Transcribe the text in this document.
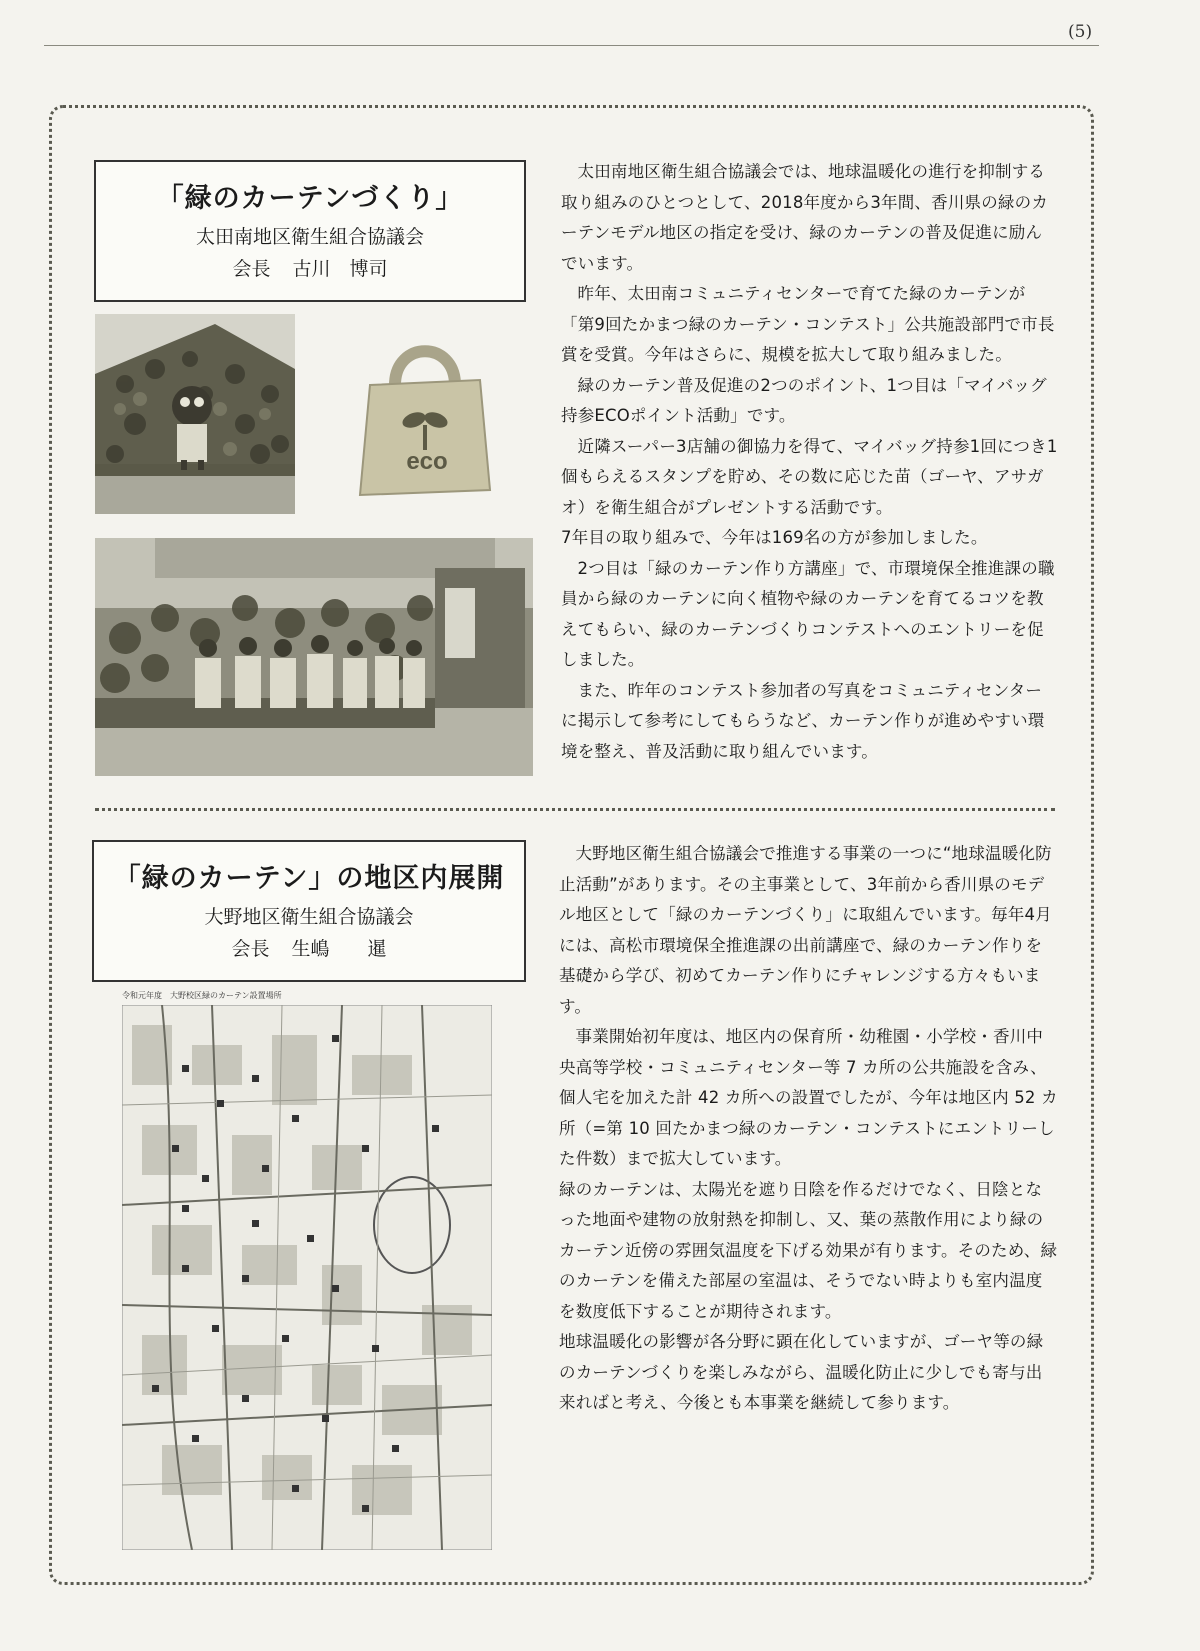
(5)
「緑のカーテンづくり」
太田南地区衛生組合協議会
会長 古川　博司
eco

太田南地区衛生組合協議会では、地球温暖化の進行を抑制する取り組みのひとつとして、2018年度から3年間、香川県の緑のカーテンモデル地区の指定を受け、緑のカーテンの普及促進に励んでいます。

昨年、太田南コミュニティセンターで育てた緑のカーテンが「第9回たかまつ緑のカーテン・コンテスト」公共施設部門で市長賞を受賞。今年はさらに、規模を拡大して取り組みました。

緑のカーテン普及促進の2つのポイント、1つ目は「マイバッグ持参ECOポイント活動」です。

近隣スーパー3店舗の御協力を得て、マイバッグ持参1回につき1個もらえるスタンプを貯め、その数に応じた苗（ゴーヤ、アサガオ）を衛生組合がプレゼントする活動です。

7年目の取り組みで、今年は169名の方が参加しました。

2つ目は「緑のカーテン作り方講座」で、市環境保全推進課の職員から緑のカーテンに向く植物や緑のカーテンを育てるコツを教えてもらい、緑のカーテンづくりコンテストへのエントリーを促しました。

また、昨年のコンテスト参加者の写真をコミュニティセンターに掲示して参考にしてもらうなど、カーテン作りが進めやすい環境を整え、普及活動に取り組んでいます。

「緑のカーテン」の地区内展開
大野地区衛生組合協議会
会長 生嶋　　暹
令和元年度　大野校区緑のカーテン設置場所

大野地区衛生組合協議会で推進する事業の一つに“地球温暖化防止活動”があります。その主事業として、3年前から香川県のモデル地区として「緑のカーテンづくり」に取組んでいます。毎年4月には、高松市環境保全推進課の出前講座で、緑のカーテン作りを基礎から学び、初めてカーテン作りにチャレンジする方々もいます。

事業開始初年度は、地区内の保育所・幼稚園・小学校・香川中央高等学校・コミュニティセンター等 7 カ所の公共施設を含み、個人宅を加えた計 42 カ所への設置でしたが、今年は地区内 52 カ所（=第 10 回たかまつ緑のカーテン・コンテストにエントリーした件数）まで拡大しています。

緑のカーテンは、太陽光を遮り日陰を作るだけでなく、日陰となった地面や建物の放射熱を抑制し、又、葉の蒸散作用により緑のカーテン近傍の雰囲気温度を下げる効果が有ります。そのため、緑のカーテンを備えた部屋の室温は、そうでない時よりも室内温度を数度低下することが期待されます。

地球温暖化の影響が各分野に顕在化していますが、ゴーヤ等の緑のカーテンづくりを楽しみながら、温暖化防止に少しでも寄与出来ればと考え、今後とも本事業を継続して参ります。
